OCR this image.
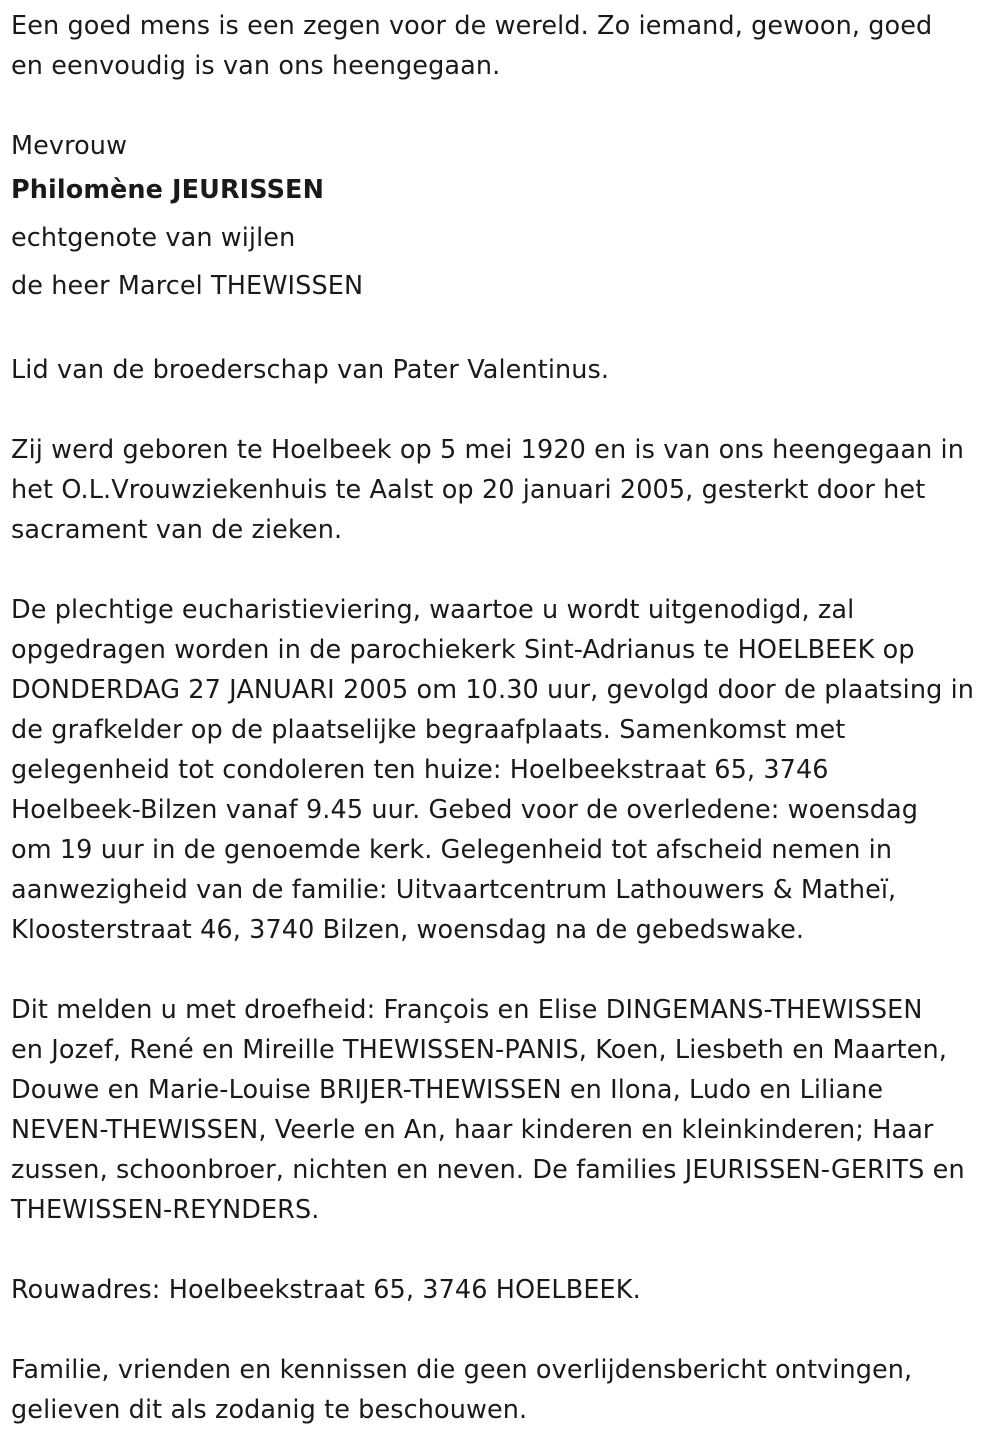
Een goed mens is een zegen voor de wereld. Zo iemand, gewoon, goed
en eenvoudig is van ons heengegaan.

Mevrouw
Philomène JEURISSEN
echtgenote van wijlen
de heer Marcel THEWISSEN

Lid van de broederschap van Pater Valentinus.

Zij werd geboren te Hoelbeek op 5 mei 1920 en is van ons heengegaan in
het O.L.Vrouwziekenhuis te Aalst op 20 januari 2005, gesterkt door het
sacrament van de zieken.

De plechtige eucharistieviering, waartoe u wordt uitgenodigd, zal
opgedragen worden in de parochiekerk Sint-Adrianus te HOELBEEK op
DONDERDAG 27 JANUARI 2005 om 10.30 uur, gevolgd door de plaatsing in
de grafkelder op de plaatselijke begraafplaats. Samenkomst met
gelegenheid tot condoleren ten huize: Hoelbeekstraat 65, 3746
Hoelbeek-Bilzen vanaf 9.45 uur. Gebed voor de overledene: woensdag
om 19 uur in de genoemde kerk. Gelegenheid tot afscheid nemen in
aanwezigheid van de familie: Uitvaartcentrum Lathouwers & Matheï,
Kloosterstraat 46, 3740 Bilzen, woensdag na de gebedswake.

Dit melden u met droefheid: François en Elise DINGEMANS-THEWISSEN
en Jozef, René en Mireille THEWISSEN-PANIS, Koen, Liesbeth en Maarten,
Douwe en Marie-Louise BRIJER-THEWISSEN en Ilona, Ludo en Liliane
NEVEN-THEWISSEN, Veerle en An, haar kinderen en kleinkinderen; Haar
zussen, schoonbroer, nichten en neven. De families JEURISSEN-GERITS en
THEWISSEN-REYNDERS.

Rouwadres: Hoelbeekstraat 65, 3746 HOELBEEK.

Familie, vrienden en kennissen die geen overlijdensbericht ontvingen,
gelieven dit als zodanig te beschouwen.
